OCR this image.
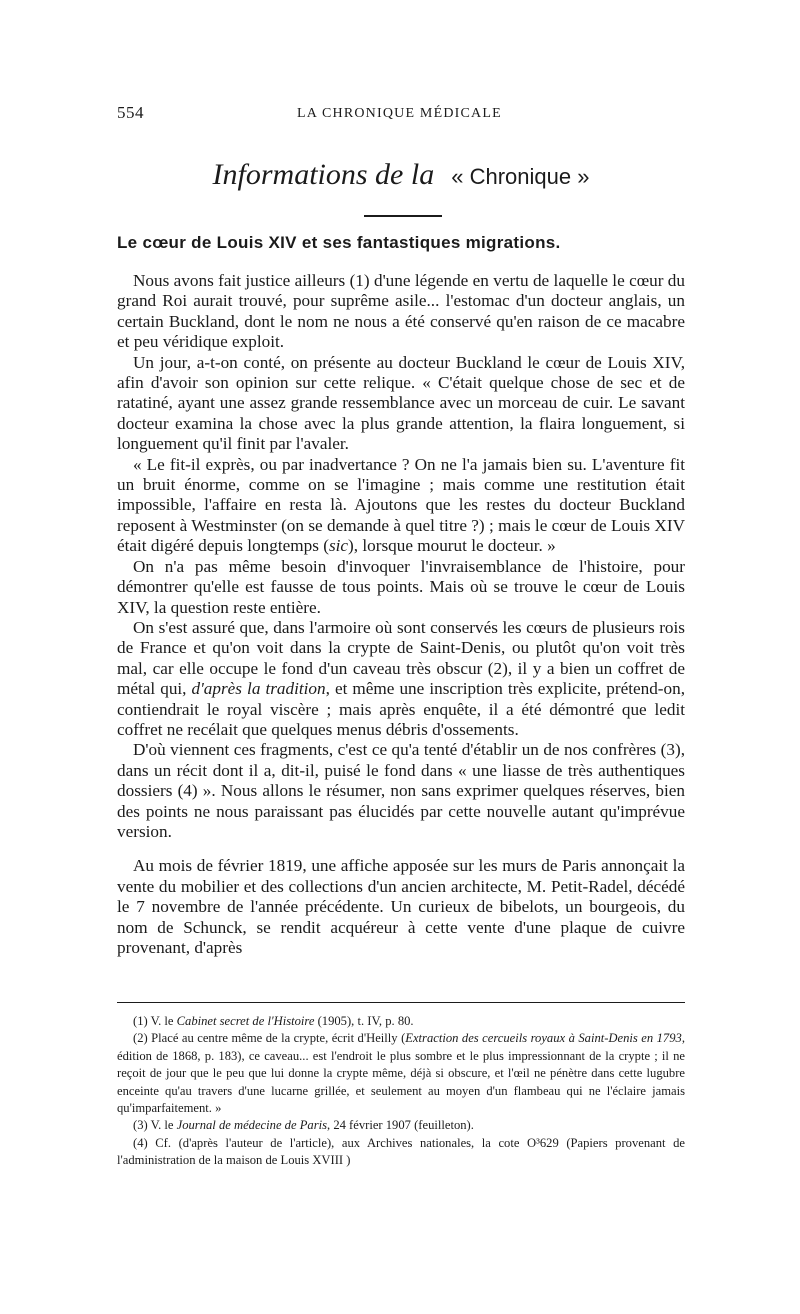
554	LA CHRONIQUE MÉDICALE
Informations de la « Chronique »
Le cœur de Louis XIV et ses fantastiques migrations.

Nous avons fait justice ailleurs (1) d'une légende en vertu de laquelle le cœur du grand Roi aurait trouvé, pour suprême asile... l'estomac d'un docteur anglais, un certain Buckland, dont le nom ne nous a été conservé qu'en raison de ce macabre et peu véridique exploit.

Un jour, a-t-on conté, on présente au docteur Buckland le cœur de Louis XIV, afin d'avoir son opinion sur cette relique. « C'était quelque chose de sec et de ratatiné, ayant une assez grande ressemblance avec un morceau de cuir. Le savant docteur examina la chose avec la plus grande attention, la flaira longuement, si longuement qu'il finit par l'avaler.

« Le fit-il exprès, ou par inadvertance ? On ne l'a jamais bien su. L'aventure fit un bruit énorme, comme on se l'imagine ; mais comme une restitution était impossible, l'affaire en resta là. Ajoutons que les restes du docteur Buckland reposent à Westminster (on se demande à quel titre ?) ; mais le cœur de Louis XIV était digéré depuis longtemps (sic), lorsque mourut le docteur. »

On n'a pas même besoin d'invoquer l'invraisemblance de l'histoire, pour démontrer qu'elle est fausse de tous points. Mais où se trouve le cœur de Louis XIV, la question reste entière.

On s'est assuré que, dans l'armoire où sont conservés les cœurs de plusieurs rois de France et qu'on voit dans la crypte de Saint-Denis, ou plutôt qu'on voit très mal, car elle occupe le fond d'un caveau très obscur (2), il y a bien un coffret de métal qui, d'après la tradition, et même une inscription très explicite, prétend-on, contiendrait le royal viscère ; mais après enquête, il a été démontré que ledit coffret ne recélait que quelques menus débris d'ossements.

D'où viennent ces fragments, c'est ce qu'a tenté d'établir un de nos confrères (3), dans un récit dont il a, dit-il, puisé le fond dans « une liasse de très authentiques dossiers (4) ». Nous allons le résumer, non sans exprimer quelques réserves, bien des points ne nous paraissant pas élucidés par cette nouvelle autant qu'imprévue version.

Au mois de février 1819, une affiche apposée sur les murs de Paris annonçait la vente du mobilier et des collections d'un ancien architecte, M. Petit-Radel, décédé le 7 novembre de l'année précédente. Un curieux de bibelots, un bourgeois, du nom de Schunck, se rendit acquéreur à cette vente d'une plaque de cuivre provenant, d'après

(1) V. le Cabinet secret de l'Histoire (1905), t. IV, p. 80.

(2) Placé au centre même de la crypte, écrit d'Heilly (Extraction des cercueils royaux à Saint-Denis en 1793, édition de 1868, p. 183), ce caveau... est l'endroit le plus sombre et le plus impressionnant de la crypte ; il ne reçoit de jour que le peu que lui donne la crypte même, déjà si obscure, et l'œil ne pénètre dans cette lugubre enceinte qu'au travers d'une lucarne grillée, et seulement au moyen d'un flambeau qui ne l'éclaire jamais qu'imparfaitement. »

(3) V. le Journal de médecine de Paris, 24 février 1907 (feuilleton).

(4) Cf. (d'après l'auteur de l'article), aux Archives nationales, la cote O³629 (Papiers provenant de l'administration de la maison de Louis XVIII )
